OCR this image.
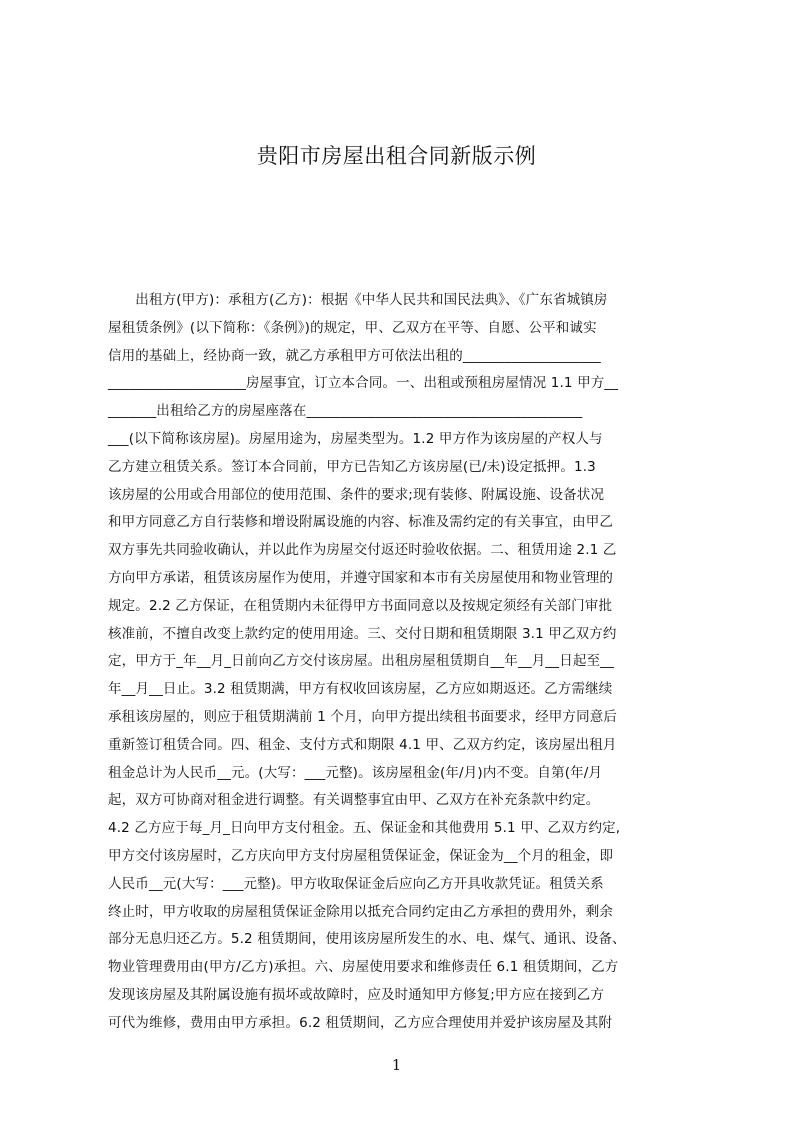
贵阳市房屋出租合同新版示例
　　出租方(甲方)：承租方(乙方)：根据《中华人民共和国民法典》、《广东省城镇房
屋租赁条例》(以下简称：《条例》)的规定，甲、乙双方在平等、自愿、公平和诚实
信用的基础上，经协商一致，就乙方承租甲方可依法出租的____________________
____________________房屋事宜，订立本合同。一、出租或预租房屋情况 1.1 甲方__
_______出租给乙方的房屋座落在________________________________________
___(以下简称该房屋)。房屋用途为，房屋类型为。1.2 甲方作为该房屋的产权人与
乙方建立租赁关系。签订本合同前，甲方已告知乙方该房屋(已/未)设定抵押。1.3
该房屋的公用或合用部位的使用范围、条件的要求;现有装修、附属设施、设备状况
和甲方同意乙方自行装修和增设附属设施的内容、标准及需约定的有关事宜，由甲乙
双方事先共同验收确认，并以此作为房屋交付返还时验收依据。二、租赁用途 2.1 乙
方向甲方承诺，租赁该房屋作为使用，并遵守国家和本市有关房屋使用和物业管理的
规定。2.2 乙方保证，在租赁期内未征得甲方书面同意以及按规定须经有关部门审批
核准前，不擅自改变上款约定的使用用途。三、交付日期和租赁期限 3.1 甲乙双方约
定，甲方于_年__月_日前向乙方交付该房屋。出租房屋租赁期自__年__月__日起至__
年__月__日止。3.2 租赁期满，甲方有权收回该房屋，乙方应如期返还。乙方需继续
承租该房屋的，则应于租赁期满前 1 个月，向甲方提出续租书面要求，经甲方同意后
重新签订租赁合同。四、租金、支付方式和期限 4.1 甲、乙双方约定，该房屋出租月
租金总计为人民币__元。(大写：___元整)。该房屋租金(年/月)内不变。自第(年/月
起，双方可协商对租金进行调整。有关调整事宜由甲、乙双方在补充条款中约定。
4.2 乙方应于每_月_日向甲方支付租金。五、保证金和其他费用 5.1 甲、乙双方约定,
甲方交付该房屋时，乙方庆向甲方支付房屋租赁保证金，保证金为__个月的租金，即
人民币__元(大写：___元整)。甲方收取保证金后应向乙方开具收款凭证。租赁关系
终止时，甲方收取的房屋租赁保证金除用以抵充合同约定由乙方承担的费用外，剩余
部分无息归还乙方。5.2 租赁期间，使用该房屋所发生的水、电、煤气、通讯、设备、
物业管理费用由(甲方/乙方)承担。六、房屋使用要求和维修责任 6.1 租赁期间，乙方
发现该房屋及其附属设施有损坏或故障时，应及时通知甲方修复;甲方应在接到乙方
可代为维修，费用由甲方承担。6.2 租赁期间，乙方应合理使用并爱护该房屋及其附
1
